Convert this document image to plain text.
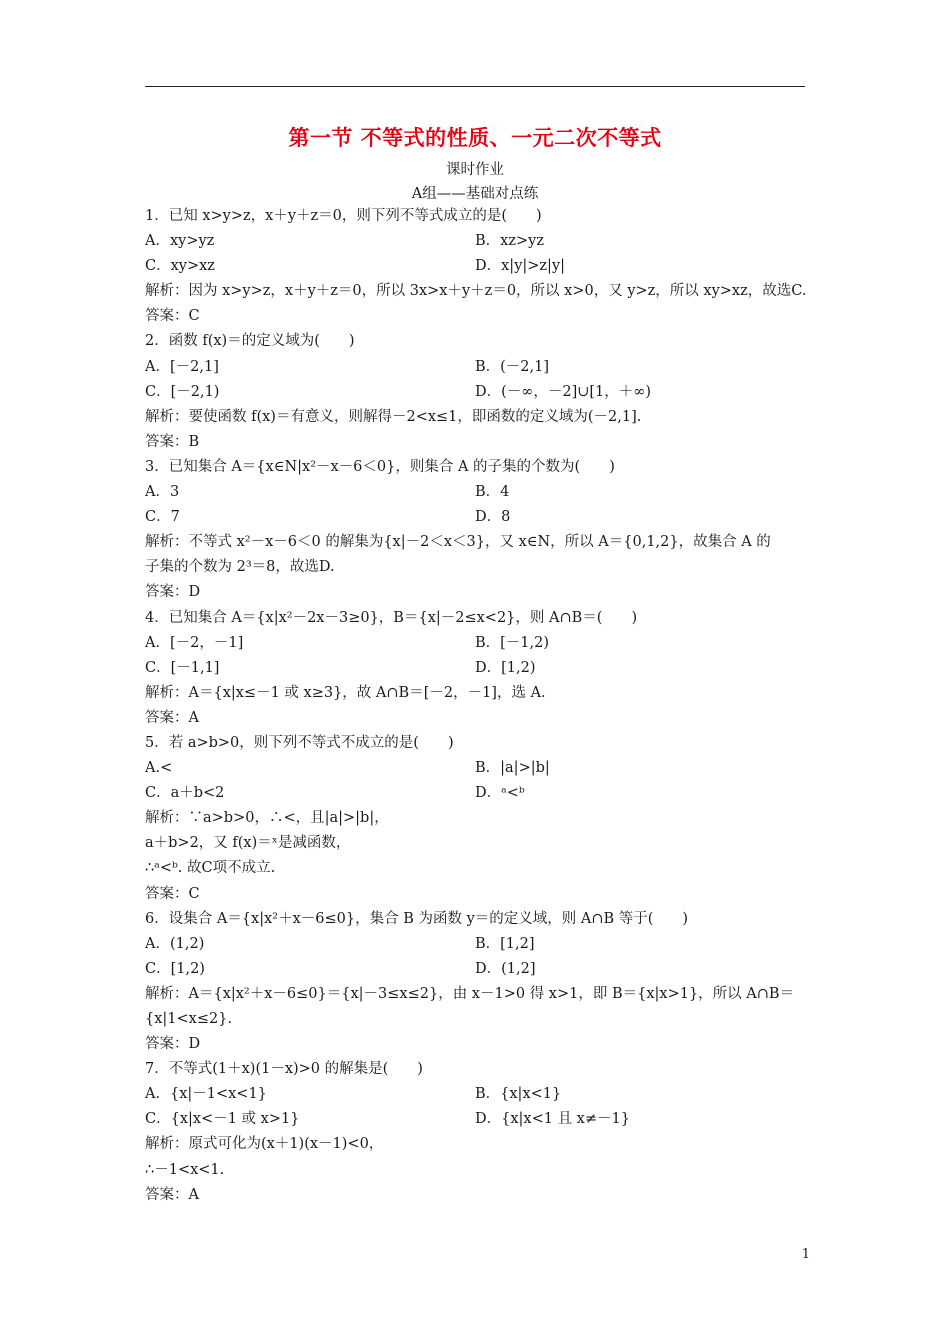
第一节 不等式的性质、一元二次不等式
课时作业
A组——基础对点练
1．已知 x>y>z，x＋y＋z＝0，则下列不等式成立的是(　　)
A．xy>yz	B．xz>yz
C．xy>xz	D．x|y|>z|y|
解析：因为 x>y>z，x＋y＋z＝0，所以 3x>x＋y＋z＝0，所以 x>0，又 y>z，所以 xy>xz，故选C.
答案：C
2．函数 f(x)＝的定义域为(　　)
A．[－2,1]	B．(－2,1]
C．[－2,1)	D．(－∞，－2]∪[1，＋∞)
解析：要使函数 f(x)＝有意义，则解得－2<x≤1，即函数的定义域为(－2,1].
答案：B
3．已知集合 A＝{x∈N|x²－x－6＜0}，则集合 A 的子集的个数为(　　)
A．3	B．4
C．7	D．8
解析：不等式 x²－x－6＜0 的解集为{x|－2＜x＜3}，又 x∈N，所以 A＝{0,1,2}，故集合 A 的
子集的个数为 2³＝8，故选D.
答案：D
4．已知集合 A＝{x|x²－2x－3≥0}，B＝{x|－2≤x<2}，则 A∩B＝(　　)
A．[－2，－1]	B．[－1,2)
C．[－1,1]	D．[1,2)
解析：A＝{x|x≤－1 或 x≥3}，故 A∩B＝[－2，－1]，选 A.
答案：A
5．若 a>b>0，则下列不等式不成立的是(　　)
A.<	B．|a|>|b|
C．a＋b<2	D．ᵃ<ᵇ
解析：∵a>b>0，∴<，且|a|>|b|，
a＋b>2，又 f(x)＝ˣ是减函数，
∴ᵃ<ᵇ. 故C项不成立.
答案：C
6．设集合 A＝{x|x²＋x－6≤0}，集合 B 为函数 y＝的定义域，则 A∩B 等于(　　)
A．(1,2)	B．[1,2]
C．[1,2)	D．(1,2]
解析：A＝{x|x²＋x－6≤0}＝{x|－3≤x≤2}，由 x－1>0 得 x>1，即 B＝{x|x>1}，所以 A∩B＝
{x|1<x≤2}.
答案：D
7．不等式(1＋x)(1－x)>0 的解集是(　　)
A．{x|－1<x<1}	B．{x|x<1}
C．{x|x<－1 或 x>1}	D．{x|x<1 且 x≠－1}
解析：原式可化为(x＋1)(x－1)<0，
∴－1<x<1.
答案：A
1
